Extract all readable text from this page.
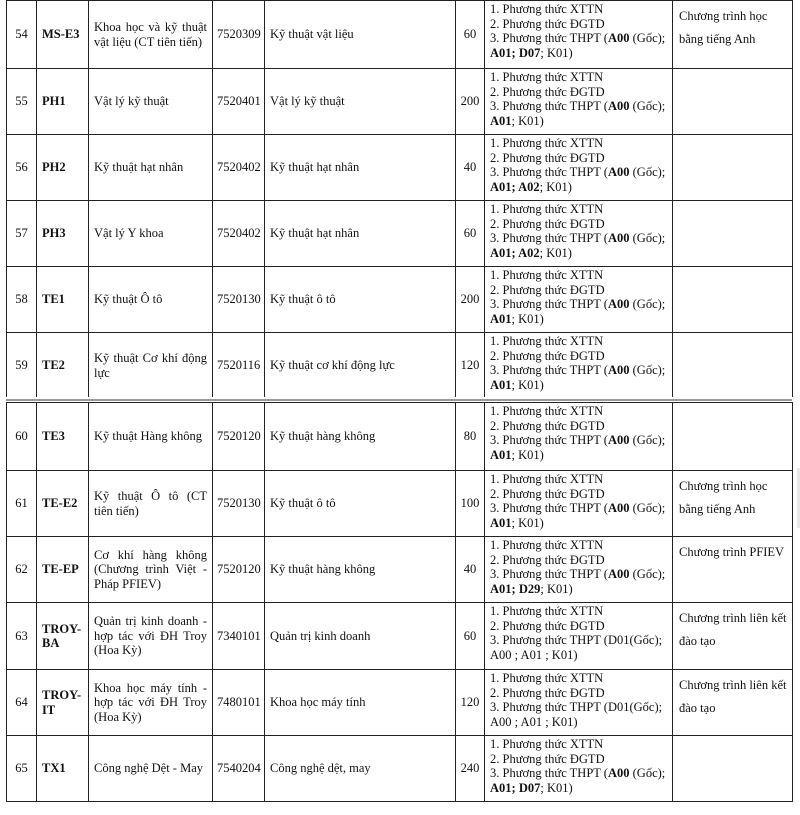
54	MS-E3	Khoa học và kỹ thuật vật liệu (CT tiên tiến)	7520309	Kỹ thuật vật liệu	60	1. Phương thức XTTN
2. Phương thức ĐGTD
3. Phương thức THPT (A00 (Gốc);
A01; D07; K01)	Chương trình học bằng tiếng Anh
55	PH1	Vật lý kỹ thuật	7520401	Vật lý kỹ thuật	200	1. Phương thức XTTN
2. Phương thức ĐGTD
3. Phương thức THPT (A00 (Gốc);
A01; K01)	

56	PH2	Kỹ thuật hạt nhân	7520402	Kỹ thuật hạt nhân	40	1. Phương thức XTTN
2. Phương thức ĐGTD
3. Phương thức THPT (A00 (Gốc);
A01; A02; K01)	

57	PH3	Vật lý Y khoa	7520402	Kỹ thuật hạt nhân	60	1. Phương thức XTTN
2. Phương thức ĐGTD
3. Phương thức THPT (A00 (Gốc);
A01; A02; K01)	

58	TE1	Kỹ thuật Ô tô	7520130	Kỹ thuật ô tô	200	1. Phương thức XTTN
2. Phương thức ĐGTD
3. Phương thức THPT (A00 (Gốc);
A01; K01)	

59	TE2	Kỹ thuật Cơ khí động lực	7520116	Kỹ thuật cơ khí động lực	120	1. Phương thức XTTN
2. Phương thức ĐGTD
3. Phương thức THPT (A00 (Gốc);
A01; K01)	

60	TE3	Kỹ thuật Hàng không	7520120	Kỹ thuật hàng không	80	1. Phương thức XTTN
2. Phương thức ĐGTD
3. Phương thức THPT (A00 (Gốc);
A01; K01)	

61	TE-E2	Kỹ thuật Ô tô (CT tiên tiến)	7520130	Kỹ thuật ô tô	100	1. Phương thức XTTN
2. Phương thức ĐGTD
3. Phương thức THPT (A00 (Gốc);
A01; K01)	Chương trình học bằng tiếng Anh
62	TE-EP	Cơ khí hàng không (Chương trình Việt - Pháp PFIEV)	7520120	Kỹ thuật hàng không	40	1. Phương thức XTTN
2. Phương thức ĐGTD
3. Phương thức THPT (A00 (Gốc);
A01; D29; K01)	Chương trình PFIEV
63	TROY-BA	Quản trị kinh doanh - hợp tác với ĐH Troy (Hoa Kỳ)	7340101	Quản trị kinh doanh	60	1. Phương thức XTTN
2. Phương thức ĐGTD
3. Phương thức THPT (D01(Gốc);
A00 ; A01 ; K01)	Chương trình liên kết đào tạo
64	TROY-IT	Khoa học máy tính - hợp tác với ĐH Troy (Hoa Kỳ)	7480101	Khoa học máy tính	120	1. Phương thức XTTN
2. Phương thức ĐGTD
3. Phương thức THPT (D01(Gốc);
A00 ; A01 ; K01)	Chương trình liên kết đào tạo
65	TX1	Công nghệ Dệt - May	7540204	Công nghệ dệt, may	240	1. Phương thức XTTN
2. Phương thức ĐGTD
3. Phương thức THPT (A00 (Gốc);
A01; D07; K01)	
